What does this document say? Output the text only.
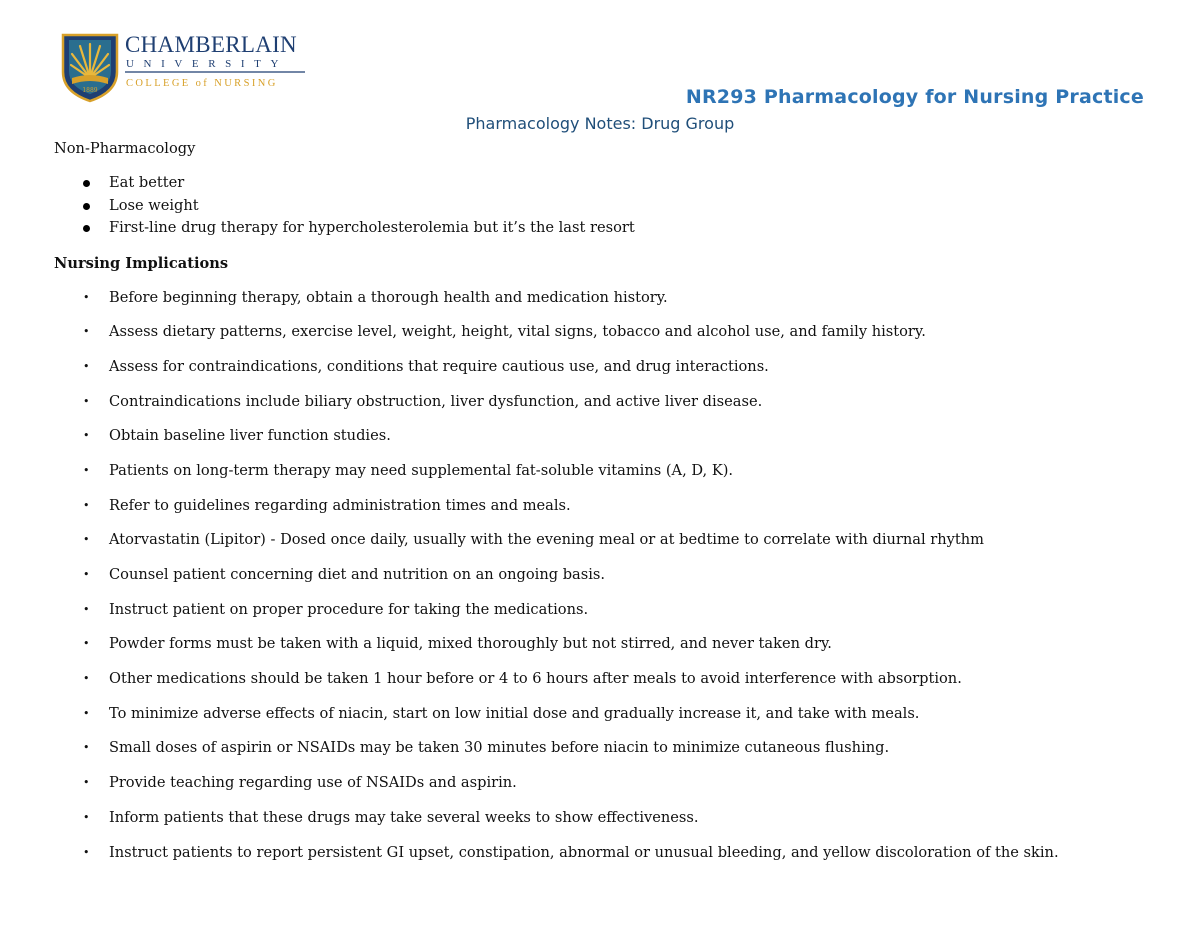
1889
CHAMBERLAIN
UNIVERSITY
COLLEGE of NURSING
NR293 Pharmacology for Nursing Practice
Pharmacology Notes: Drug Group

Non-Pharmacology

Eat better
Lose weight
First-line drug therapy for hypercholesterolemia but it’s the last resort

Nursing Implications

• Before beginning therapy, obtain a thorough health and medication history.
• Assess dietary patterns, exercise level, weight, height, vital signs, tobacco and alcohol use, and family history.
• Assess for contraindications, conditions that require cautious use, and drug interactions.
• Contraindications include biliary obstruction, liver dysfunction, and active liver disease.
• Obtain baseline liver function studies.
• Patients on long-term therapy may need supplemental fat-soluble vitamins (A, D, K).
• Refer to guidelines regarding administration times and meals.
• Atorvastatin (Lipitor) - Dosed once daily, usually with the evening meal or at bedtime to correlate with diurnal rhythm
• Counsel patient concerning diet and nutrition on an ongoing basis.
• Instruct patient on proper procedure for taking the medications.
• Powder forms must be taken with a liquid, mixed thoroughly but not stirred, and never taken dry.
• Other medications should be taken 1 hour before or 4 to 6 hours after meals to avoid interference with absorption.
• To minimize adverse effects of niacin, start on low initial dose and gradually increase it, and take with meals.
• Small doses of aspirin or NSAIDs may be taken 30 minutes before niacin to minimize cutaneous flushing.
• Provide teaching regarding use of NSAIDs and aspirin.
• Inform patients that these drugs may take several weeks to show effectiveness.
• Instruct patients to report persistent GI upset, constipation, abnormal or unusual bleeding, and yellow discoloration of the skin.
